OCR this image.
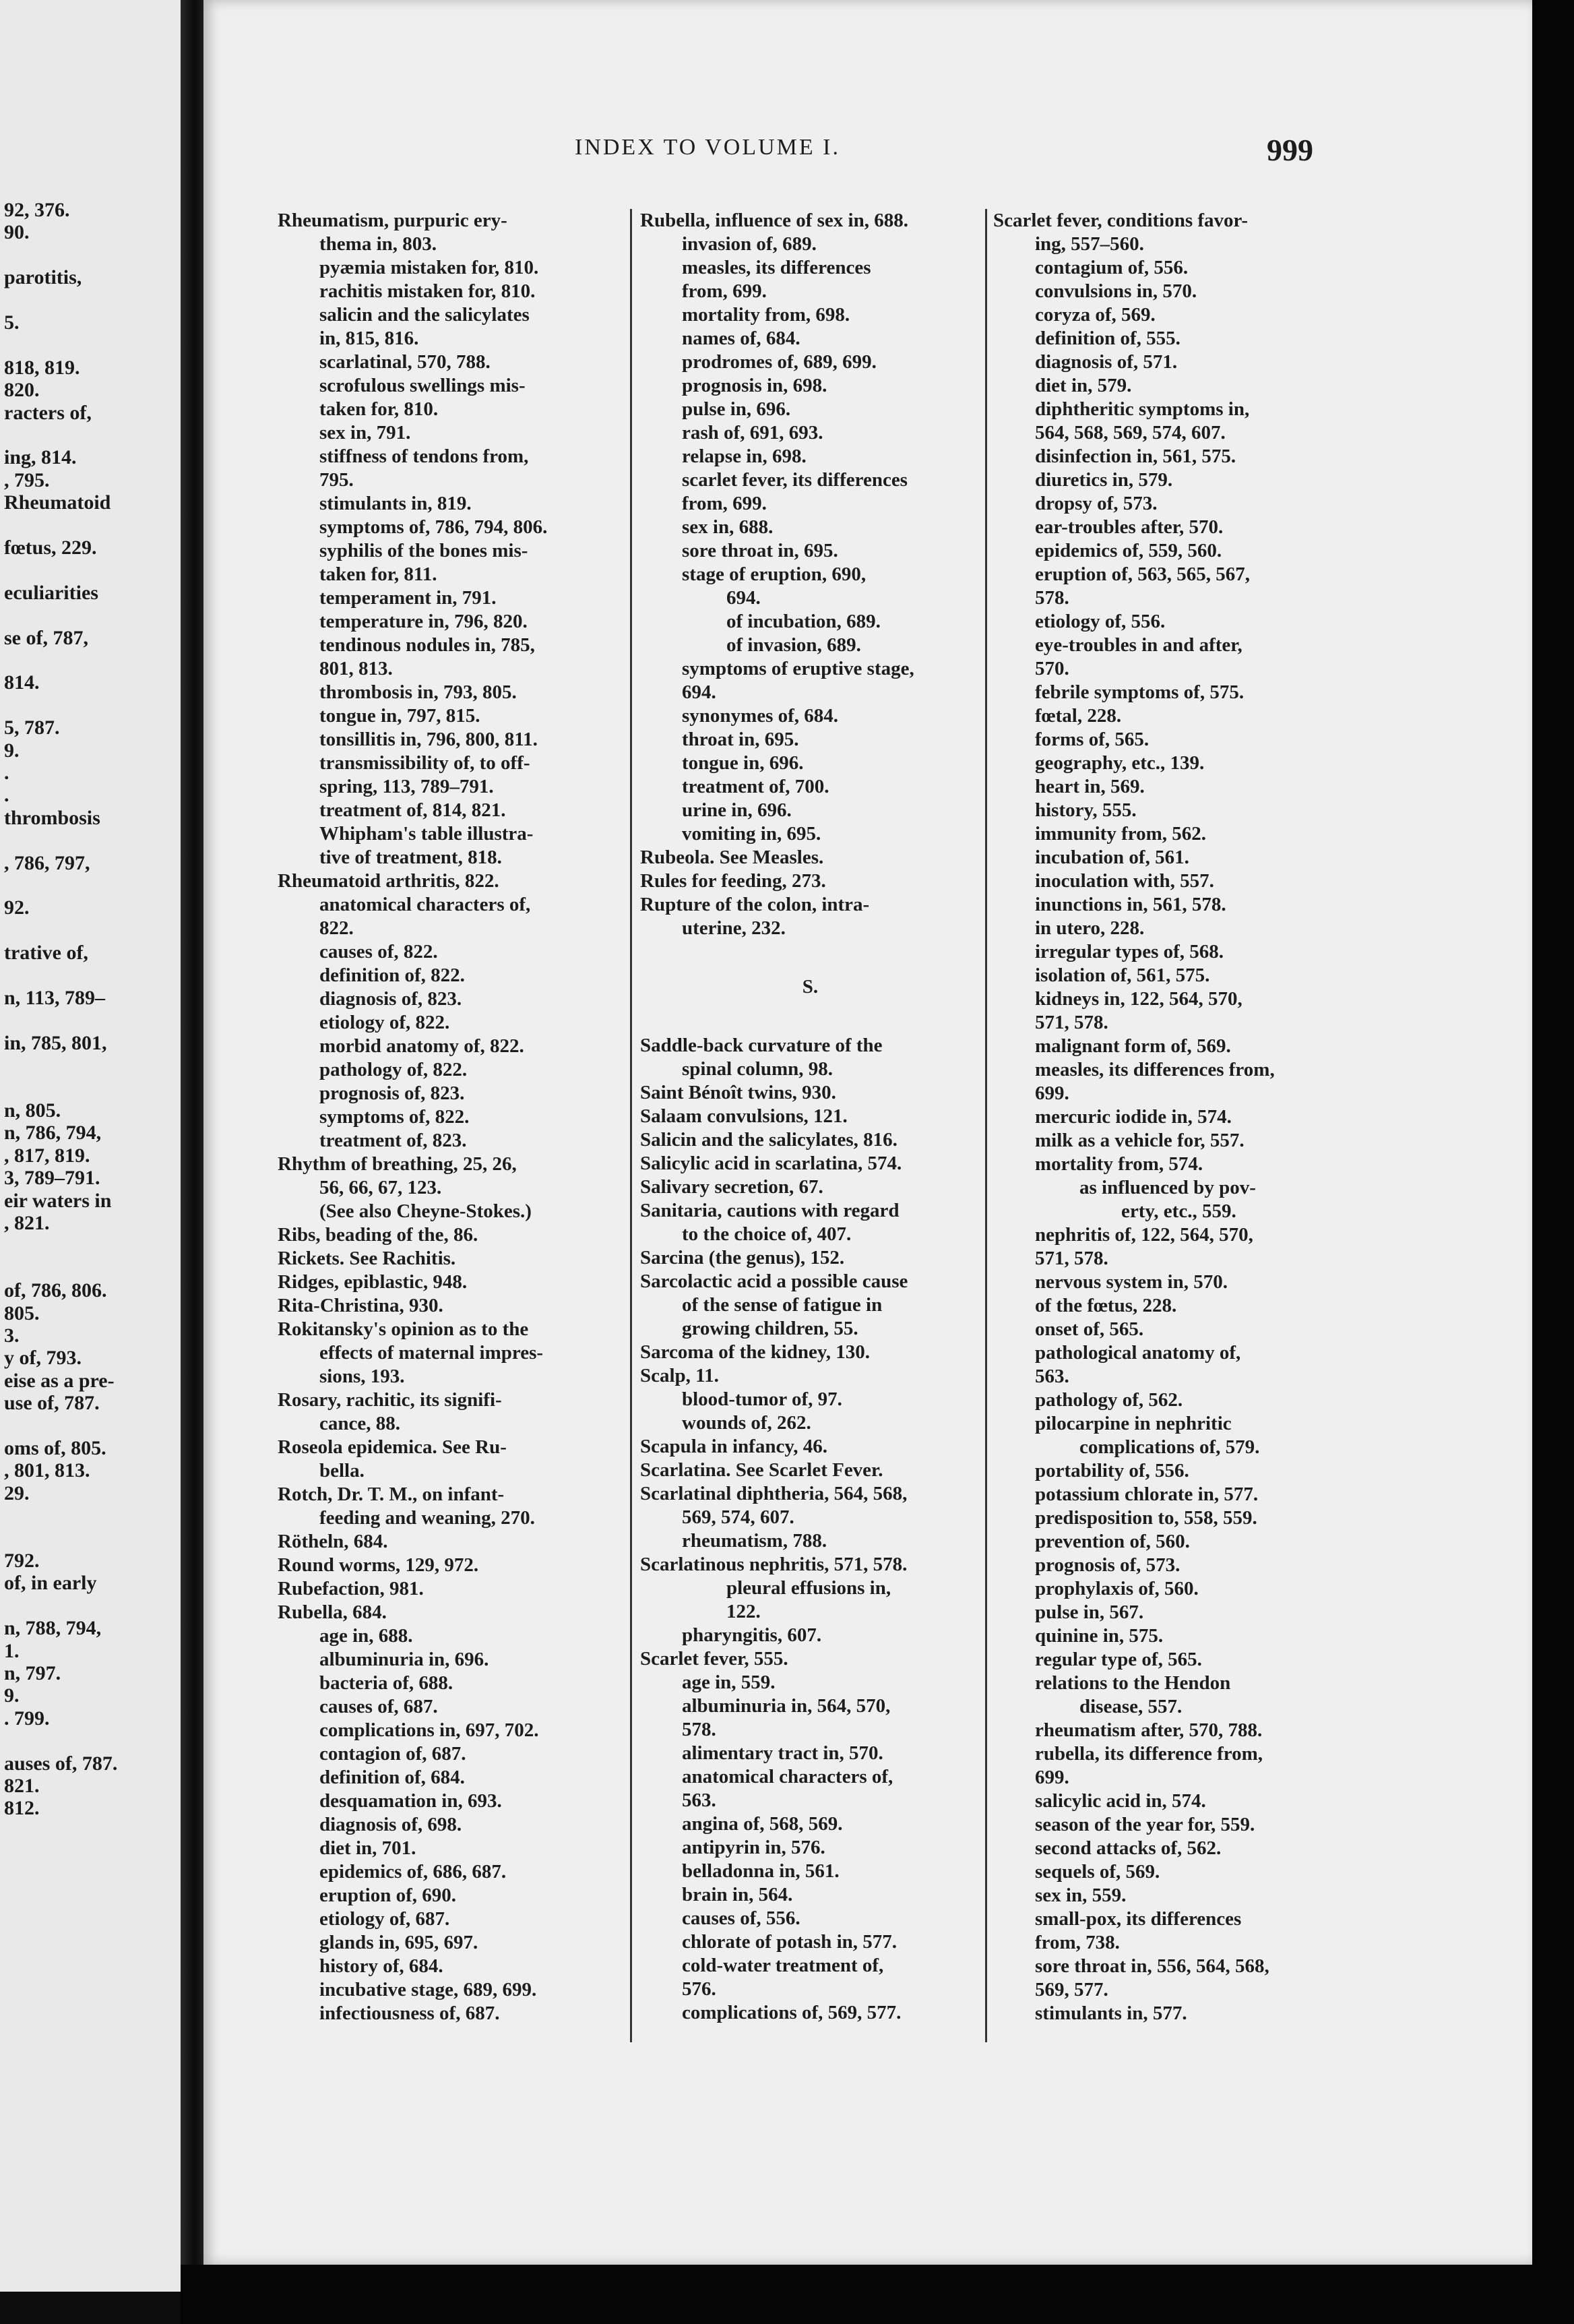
92, 376.
90.
parotitis,
5.
818, 819.
820.
racters of,
ing, 814.
, 795.
Rheumatoid
fœtus, 229.
eculiarities
se of, 787,
814.
5, 787.
9.
.
.
thrombosis
, 786, 797,
92.
trative of,
n, 113, 789–
in, 785, 801,
n, 805.
n, 786, 794,
, 817, 819.
3, 789–791.
eir waters in
, 821.
of, 786, 806.
805.
3.
y of, 793.
eise as a pre-
use of, 787.
oms of, 805.
, 801, 813.
29.
792.
of, in early
n, 788, 794,
1.
n, 797.
9.
. 799.
auses of, 787.
821.
812.
INDEX TO VOLUME I.	999

Rheumatism, purpuric ery-

thema in, 803.

pyæmia mistaken for, 810.

rachitis mistaken for, 810.

salicin and the salicylates

in, 815, 816.

scarlatinal, 570, 788.

scrofulous swellings mis-

taken for, 810.

sex in, 791.

stiffness of tendons from,

795.

stimulants in, 819.

symptoms of, 786, 794, 806.

syphilis of the bones mis-

taken for, 811.

temperament in, 791.

temperature in, 796, 820.

tendinous nodules in, 785,

801, 813.

thrombosis in, 793, 805.

tongue in, 797, 815.

tonsillitis in, 796, 800, 811.

transmissibility of, to off-

spring, 113, 789–791.

treatment of, 814, 821.

Whipham's table illustra-

tive of treatment, 818.

Rheumatoid arthritis, 822.

anatomical characters of,

822.

causes of, 822.

definition of, 822.

diagnosis of, 823.

etiology of, 822.

morbid anatomy of, 822.

pathology of, 822.

prognosis of, 823.

symptoms of, 822.

treatment of, 823.

Rhythm of breathing, 25, 26,

56, 66, 67, 123.

(See also Cheyne-Stokes.)

Ribs, beading of the, 86.

Rickets. See Rachitis.

Ridges, epiblastic, 948.

Rita-Christina, 930.

Rokitansky's opinion as to the

effects of maternal impres-

sions, 193.

Rosary, rachitic, its signifi-

cance, 88.

Roseola epidemica. See Ru-

bella.

Rotch, Dr. T. M., on infant-

feeding and weaning, 270.

Rötheln, 684.

Round worms, 129, 972.

Rubefaction, 981.

Rubella, 684.

age in, 688.

albuminuria in, 696.

bacteria of, 688.

causes of, 687.

complications in, 697, 702.

contagion of, 687.

definition of, 684.

desquamation in, 693.

diagnosis of, 698.

diet in, 701.

epidemics of, 686, 687.

eruption of, 690.

etiology of, 687.

glands in, 695, 697.

history of, 684.

incubative stage, 689, 699.

infectiousness of, 687.

Rubella, influence of sex in, 688.

invasion of, 689.

measles, its differences

from, 699.

mortality from, 698.

names of, 684.

prodromes of, 689, 699.

prognosis in, 698.

pulse in, 696.

rash of, 691, 693.

relapse in, 698.

scarlet fever, its differences

from, 699.

sex in, 688.

sore throat in, 695.

stage of eruption, 690,

694.

of incubation, 689.

of invasion, 689.

symptoms of eruptive stage,

694.

synonymes of, 684.

throat in, 695.

tongue in, 696.

treatment of, 700.

urine in, 696.

vomiting in, 695.

Rubeola. See Measles.

Rules for feeding, 273.

Rupture of the colon, intra-

uterine, 232.

S.

Saddle-back curvature of the

spinal column, 98.

Saint Bénoît twins, 930.

Salaam convulsions, 121.

Salicin and the salicylates, 816.

Salicylic acid in scarlatina, 574.

Salivary secretion, 67.

Sanitaria, cautions with regard

to the choice of, 407.

Sarcina (the genus), 152.

Sarcolactic acid a possible cause

of the sense of fatigue in

growing children, 55.

Sarcoma of the kidney, 130.

Scalp, 11.

blood-tumor of, 97.

wounds of, 262.

Scapula in infancy, 46.

Scarlatina. See Scarlet Fever.

Scarlatinal diphtheria, 564, 568,

569, 574, 607.

rheumatism, 788.

Scarlatinous nephritis, 571, 578.

pleural effusions in,

122.

pharyngitis, 607.

Scarlet fever, 555.

age in, 559.

albuminuria in, 564, 570,

578.

alimentary tract in, 570.

anatomical characters of,

563.

angina of, 568, 569.

antipyrin in, 576.

belladonna in, 561.

brain in, 564.

causes of, 556.

chlorate of potash in, 577.

cold-water treatment of,

576.

complications of, 569, 577.

Scarlet fever, conditions favor-

ing, 557–560.

contagium of, 556.

convulsions in, 570.

coryza of, 569.

definition of, 555.

diagnosis of, 571.

diet in, 579.

diphtheritic symptoms in,

564, 568, 569, 574, 607.

disinfection in, 561, 575.

diuretics in, 579.

dropsy of, 573.

ear-troubles after, 570.

epidemics of, 559, 560.

eruption of, 563, 565, 567,

578.

etiology of, 556.

eye-troubles in and after,

570.

febrile symptoms of, 575.

fœtal, 228.

forms of, 565.

geography, etc., 139.

heart in, 569.

history, 555.

immunity from, 562.

incubation of, 561.

inoculation with, 557.

inunctions in, 561, 578.

in utero, 228.

irregular types of, 568.

isolation of, 561, 575.

kidneys in, 122, 564, 570,

571, 578.

malignant form of, 569.

measles, its differences from,

699.

mercuric iodide in, 574.

milk as a vehicle for, 557.

mortality from, 574.

as influenced by pov-

erty, etc., 559.

nephritis of, 122, 564, 570,

571, 578.

nervous system in, 570.

of the fœtus, 228.

onset of, 565.

pathological anatomy of,

563.

pathology of, 562.

pilocarpine in nephritic

complications of, 579.

portability of, 556.

potassium chlorate in, 577.

predisposition to, 558, 559.

prevention of, 560.

prognosis of, 573.

prophylaxis of, 560.

pulse in, 567.

quinine in, 575.

regular type of, 565.

relations to the Hendon

disease, 557.

rheumatism after, 570, 788.

rubella, its difference from,

699.

salicylic acid in, 574.

season of the year for, 559.

second attacks of, 562.

sequels of, 569.

sex in, 559.

small-pox, its differences

from, 738.

sore throat in, 556, 564, 568,

569, 577.

stimulants in, 577.
